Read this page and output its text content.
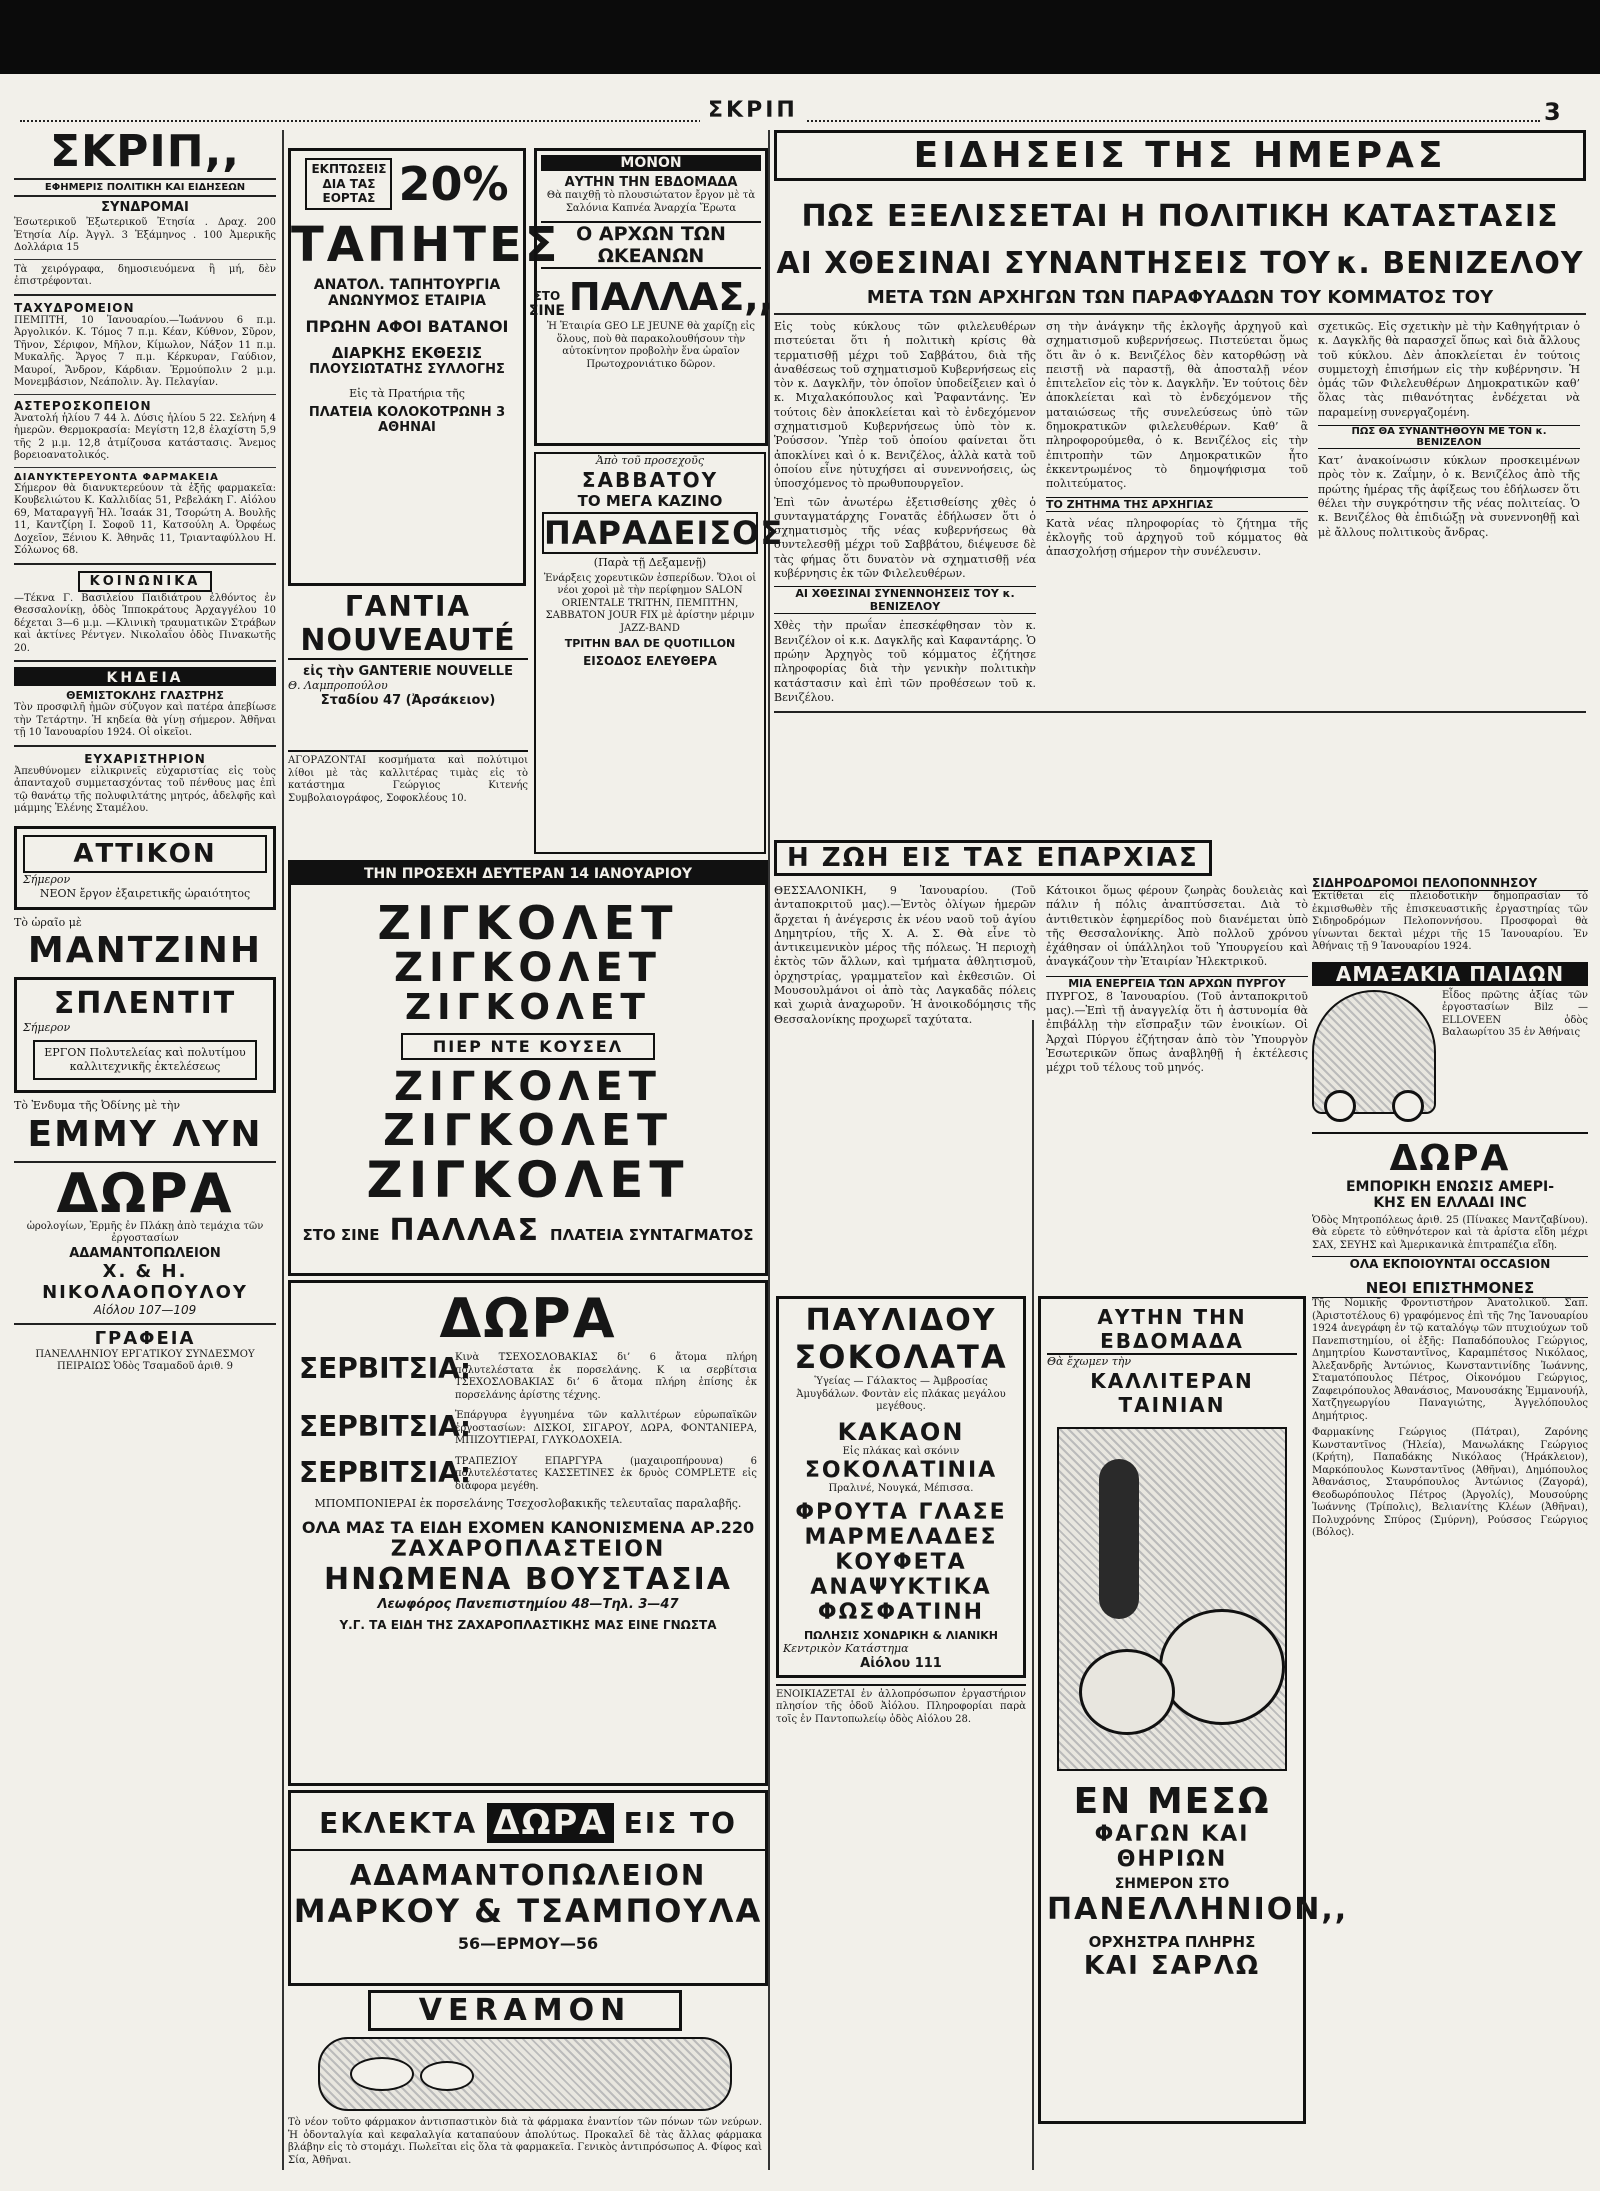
ΣΚΡΙΠ	3
ΣΚΡΙΠ,,
ΕΦΗΜΕΡΙΣ ΠΟΛΙΤΙΚΗ ΚΑΙ ΕΙΔΗΣΕΩΝ
ΣΥΝΔΡΟΜΑΙ
Ἐσωτερικοῦ Ἐξωτερικοῦ Ἐτησία . Δραχ. 200 Ἐτησία Λίρ. Ἀγγλ. 3 Ἑξάμηνος . 100 Ἀμερικῆς Δολλάρια 15
Τὰ χειρόγραφα, δημοσιευόμενα ἢ μή, δὲν ἐπιστρέφονται.
ΤΑΧΥΔΡΟΜΕΙΟΝ
ΠΕΜΠΤΗ, 10 Ἰανουαρίου.—Ἰωάννου 6 π.μ. Ἀργολικόν. Κ. Τόμος 7 π.μ. Κέαν, Κύθνον, Σῦρον, Τῆνον, Σέριφον, Μῆλον, Κίμωλον, Νάξον 11 π.μ. Μυκαλῆς. Ἄργος 7 π.μ. Κέρκυραν, Γαύδιον, Μαυροί, Ἄνδρον, Κάρδιαν. Ἐρμούπολιν 2 μ.μ. Μονεμβάσιον, Νεάπολιν. Ἀγ. Πελαγίαν.
ΑΣΤΕΡΟΣΚΟΠΕΙΟΝ
Ἀνατολή ἡλίου 7 44 λ. Δύσις ἡλίου 5 22. Σελήνη 4 ἡμερῶν. Θερμοκρασία: Μεγίστη 12,8 ἐλαχίστη 5,9 τῆς 2 μ.μ. 12,8 ἀτμίζουσα κατάστασις. Ἄνεμος βορειοανατολικός.
ΔΙΑΝΥΚΤΕΡΕΥΟΝΤΑ ΦΑΡΜΑΚΕΙΑ
Σήμερον θὰ διανυκτερεύουν τὰ ἑξῆς φαρμακεῖα: Κουβελιώτου Κ. Καλλιδίας 51, Ρεβελάκη Γ. Αἰόλου 69, Ματαραγγῆ Ἡλ. Ἰσαάκ 31, Τσορώτη Α. Βουλῆς 11, Καντζίρη Ι. Σοφοῦ 11, Κατσούλη Α. Ὀρφέως Δοχεῖον, Ξένιου Κ. Ἀθηνᾶς 11, Τριανταφύλλου Η. Σόλωνος 68.
ΚΟΙΝΩΝΙΚΑ
—Τέκνα Γ. Βασιλείου Παιδιάτρου ἐλθόντος ἐν Θεσσαλονίκῃ, ὁδὸς Ἱπποκράτους Ἀρχαγγέλου 10 δέχεται 3—6 μ.μ. —Κλινικὴ τραυματικῶν Στράβων καὶ ἀκτίνες Ρέντγεν. Νικολαΐου ὁδὸς Πινακωτῆς 20.
ΚΗΔΕΙΑ
ΘΕΜΙΣΤΟΚΛΗΣ ΓΛΑΣΤΡΗΣ
Τὸν προσφιλῆ ἡμῶν σύζυγον καὶ πατέρα ἀπεβίωσε τὴν Τετάρτην. Ἡ κηδεία θὰ γίνῃ σήμερον. Ἀθῆναι τῇ 10 Ἰανουαρίου 1924. Οἱ οἰκεῖοι.
ΕΥΧΑΡΙΣΤΗΡΙΟΝ
Ἀπευθύνομεν εἰλικρινεῖς εὐχαριστίας εἰς τοὺς ἀπανταχοῦ συμμετασχόντας τοῦ πένθους μας ἐπὶ τῷ θανάτῳ τῆς πολυφιλτάτης μητρός, ἀδελφῆς καὶ μάμμης Ἑλένης Σταμέλου.
ΑΤΤΙΚΟΝ
Σήμερον
ΝΕΟΝ ἔργον ἐξαιρετικῆς ὡραιότητος
Τὸ ὡραῖο μὲ
ΜΑΝΤΖΙΝΗ
ΣΠΛΕΝΤΙΤ
Σήμερον
ΕΡΓΟΝ Πολυτελείας καὶ πολυτίμου καλλιτεχνικῆς ἐκτελέσεως
Τὸ Ἐνδυμα τῆς Ὀδίνης μὲ τὴν
ΕΜΜΥ ΛΥΝ
ΔΩΡΑ
ὡρολογίων, Ἐρμῆς ἐν Πλάκῃ ἀπὸ τεμάχια τῶν ἐργοστασίων
ΑΔΑΜΑΝΤΟΠΩΛΕΙΟΝ
Χ. & Η. ΝΙΚΟΛΑΟΠΟΥΛΟΥ
Αἰόλου 107—109
ΓΡΑΦΕΙΑ
ΠΑΝΕΛΛΗΝΙΟΥ ΕΡΓΑΤΙΚΟΥ ΣΥΝΔΕΣΜΟΥ ΠΕΙΡΑΙΩΣ Ὁδὸς Τσαμαδοῦ ἀριθ. 9
ΕΚΠΤΩΣΕΙΣ
ΔΙΑ ΤΑΣ
ΕΟΡΤΑΣ 20%
ΤΑΠΗΤΕΣ
ΑΝΑΤΟΛ. ΤΑΠΗΤΟΥΡΓΙΑ
ΑΝΩΝΥΜΟΣ ΕΤΑΙΡΙΑ
ΠΡΩΗΝ ΑΦΟΙ ΒΑΤΑΝΟΙ
ΔΙΑΡΚΗΣ ΕΚΘΕΣΙΣ
ΠΛΟΥΣΙΩΤΑΤΗΣ ΣΥΛΛΟΓΗΣ
Εἰς τὰ Πρατήρια τῆς
ΠΛΑΤΕΙΑ ΚΟΛΟΚΟΤΡΩΝΗ 3
ΑΘΗΝΑΙ
ΜΟΝΟΝ
ΑΥΤΗΝ ΤΗΝ ΕΒΔΟΜΑΔΑ
Θὰ παιχθῇ τὸ πλουσιώτατον ἔργον μὲ τὰ Σαλόνια Καπνέα Ἀναρχία Ἔρωτα
Ο ΑΡΧΩΝ ΤΩΝ ΩΚΕΑΝΩΝ
ΣΤΟ
ΣΙΝΕ ΠΑΛΛΑΣ,,
Ἡ Ἑταιρία GEO LE JEUNE θὰ χαρίζῃ εἰς ὅλους, ποὺ θὰ παρακολουθήσουν τὴν αὐτοκίνητον προβολὴν ἕνα ὡραῖον Πρωτοχρονιάτικο δῶρον.
Ἀπὸ τοῦ προσεχοῦς
ΣΑΒΒΑΤΟΥ
ΤΟ ΜΕΓΑ ΚΑΖΙΝΟ
ΠΑΡΑΔΕΙΣΟΣ
(Παρὰ τῇ Δεξαμενῇ)
Ἐνάρξεις χορευτικῶν ἑσπερίδων. Ὅλοι οἱ νέοι χοροὶ μὲ τὴν περίφημον SALON ORIENTALE TRITHN, ΠΕΜΠΤΗΝ, ΣΑΒΒΑΤΟΝ JOUR FIX μὲ ἀρίστην μέριμν JAZZ-BAND
ΤΡΙΤΗΝ ΒΑΛ DE QUOTILLON
ΕΙΣΟΔΟΣ ΕΛΕΥΘΕΡΑ
ΓΑΝΤΙΑ
NOUVEAUTÉ
εἰς τὴν GANTERIE NOUVELLE
Θ. Λαμπροπούλου
Σταδίου 47 (Ἀρσάκειον)
ΑΓΟΡΑΖΟΝΤΑΙ κοσμήματα καὶ πολύτιμοι λίθοι μὲ τὰς καλλιτέρας τιμὰς εἰς τὸ κατάστημα Γεώργιος Κιτενής Συμβολαιογράφος, Σοφοκλέους 10.
ΤΗΝ ΠΡΟΣΕΧΗ ΔΕΥΤΕΡΑΝ 14 ΙΑΝΟΥΑΡΙΟΥ
ΖΙΓΚΟΛΕΤ
ΖΙΓΚΟΛΕΤ
ΖΙΓΚΟΛΕΤ
ΠΙΕΡ ΝΤΕ ΚΟΥΣΕΛ
ΖΙΓΚΟΛΕΤ
ΖΙΓΚΟΛΕΤ
ΖΙΓΚΟΛΕΤ
ΣΤΟ ΣΙΝΕ ΠΑΛΛΑΣ ΠΛΑΤΕΙΑ ΣΥΝΤΑΓΜΑΤΟΣ
ΔΩΡΑ
ΣΕΡΒΙΤΣΙΑ:
Κινὰ ΤΣΕΧΟΣΛΟΒΑΚΙΑΣ δι’ 6 ἄτομα πλήρη πολυτελέστατα ἐκ πορσελάνης. Κ ια σερβίτσια ΤΣΕΧΟΣΛΟΒΑΚΙΑΣ δι’ 6 ἄτομα πλήρη ἐπίσης ἐκ πορσελάνης ἀρίστης τέχνης.
ΣΕΡΒΙΤΣΙΑ:
Ἐπάργυρα ἐγγυημένα τῶν καλλιτέρων εὐρωπαϊκῶν ἐργοστασίων: ΔΙΣΚΟΙ, ΣΙΓΑΡΟΥ, ΔΩΡΑ, ΦΟΝΤΑΝΙΕΡΑ, ΜΠΙΖΟΥΤΙΕΡΑΙ, ΓΛΥΚΟΔΟΧΕΙΑ.
ΣΕΡΒΙΤΣΙΑ:
ΤΡΑΠΕΖΙΟΥ ΕΠΑΡΓΥΡΑ (μαχαιροπήρουνα) 6 πολυτελέστατες ΚΑΣΣΕΤΙΝΕΣ ἐκ δρυὸς COMPLETE εἰς διάφορα μεγέθη.
ΜΠΟΜΠΟΝΙΕΡΑΙ ἐκ πορσελάνης Τσεχοσλοβακικῆς τελευταῖας παραλαβῆς.
ΟΛΑ ΜΑΣ ΤΑ ΕΙΔΗ ΕΧΟΜΕΝ ΚΑΝΟΝΙΣΜΕΝΑ ΑΡ.220
ΖΑΧΑΡΟΠΛΑΣΤΕΙΟΝ
ΗΝΩΜΕΝΑ ΒΟΥΣΤΑΣΙΑ
Λεωφόρος Πανεπιστημίου 48—Τηλ. 3—47
Υ.Γ. ΤΑ ΕΙΔΗ ΤΗΣ ΖΑΧΑΡΟΠΛΑΣΤΙΚΗΣ ΜΑΣ ΕΙΝΕ ΓΝΩΣΤΑ
ΕΚΛΕΚΤΑ ΔΩΡΑ ΕΙΣ ΤΟ
ΑΔΑΜΑΝΤΟΠΩΛΕΙΟΝ
ΜΑΡΚΟΥ & ΤΣΑΜΠΟΥΛΑ
56—ΕΡΜΟΥ—56
VERAMON
Τὸ νέον τοῦτο φάρμακον ἀντισπαστικὸν διὰ τὰ φάρμακα ἐναντίον τῶν πόνων τῶν νεύρων. Ἡ ὀδονταλγία καὶ κεφαλαλγία καταπαύουν ἀπολύτως. Προκαλεῖ δὲ τὰς ἄλλας φάρμακα βλάβην εἰς τὸ στομάχι. Πωλεῖται εἰς ὅλα τὰ φαρμακεῖα. Γενικὸς ἀντιπρόσωπος Α. Φίφος καὶ Σία, Ἀθῆναι.
ΕΙΔΗΣΕΙΣ ΤΗΣ ΗΜΕΡΑΣ
ΠΩΣ ΕΞΕΛΙΣΣΕΤΑΙ Η ΠΟΛΙΤΙΚΗ ΚΑΤΑΣΤΑΣΙΣ
ΑΙ ΧΘΕΣΙΝΑΙ ΣΥΝΑΝΤΗΣΕΙΣ ΤΟΥ κ. ΒΕΝΙΖΕΛΟΥ
ΜΕΤΑ ΤΩΝ ΑΡΧΗΓΩΝ ΤΩΝ ΠΑΡΑΦΥΑΔΩΝ ΤΟΥ ΚΟΜΜΑΤΟΣ ΤΟΥ
Εἰς τοὺς κύκλους τῶν φιλελευθέρων πιστεύεται ὅτι ἡ πολιτικὴ κρίσις θὰ τερματισθῇ μέχρι τοῦ Σαββάτου, διὰ τῆς ἀναθέσεως τοῦ σχηματισμοῦ Κυβερνήσεως εἰς τὸν κ. Δαγκλῆν, τὸν ὁποῖον ὑποδείξειεν καὶ ὁ κ. Μιχαλακόπουλος καὶ Ῥαφαντάνης. Ἐν τούτοις δὲν ἀποκλείεται καὶ τὸ ἐνδεχόμενον σχηματισμοῦ Κυβερνήσεως ὑπὸ τὸν κ. Ῥούσσον. Ὑπὲρ τοῦ ὁποίου φαίνεται ὅτι ἀποκλίνει καὶ ὁ κ. Βενιζέλος, ἀλλὰ κατὰ τοῦ ὁποίου εἶνε ηὐτυχήσει αἱ συνεννοήσεις, ὡς ὑποσχόμενος τὸ πρωθυπουργεῖον.
Ἐπὶ τῶν ἀνωτέρω ἐξετισθείσης χθὲς ὁ συνταγματάρχης Γονατᾶς ἐδήλωσεν ὅτι ὁ σχηματισμὸς τῆς νέας κυβερνήσεως θὰ συντελεσθῇ μέχρι τοῦ Σαββάτου, διέψευσε δὲ τὰς φήμας ὅτι δυνατὸν νὰ σχηματισθῇ νέα κυβέρνησις ἐκ τῶν Φιλελευθέρων.
ΑΙ ΧΘΕΣΙΝΑΙ ΣΥΝΕΝΝΟΗΣΕΙΣ ΤΟΥ κ. ΒΕΝΙΖΕΛΟΥ
Χθὲς τὴν πρωΐαν ἐπεσκέφθησαν τὸν κ. Βενιζέλον οἱ κ.κ. Δαγκλῆς καὶ Καφαντάρης. Ὁ πρώην Ἀρχηγὸς τοῦ κόμματος ἐζήτησε πληροφορίας διὰ τὴν γενικὴν πολιτικὴν κατάστασιν καὶ ἐπὶ τῶν προθέσεων τοῦ κ. Βενιζέλου.
ση τὴν ἀνάγκην τῆς ἐκλογῆς ἀρχηγοῦ καὶ σχηματισμοῦ κυβερνήσεως. Πιστεύεται ὅμως ὅτι ἂν ὁ κ. Βενιζέλος δὲν κατορθώσῃ νὰ πειστῇ νὰ παραστῇ, θὰ ἀποσταλῇ νέον ἐπιτελεῖον εἰς τὸν κ. Δαγκλῆν. Ἐν τούτοις δὲν ἀποκλείεται καὶ τὸ ἐνδεχόμενον τῆς ματαιώσεως τῆς συνελεύσεως ὑπὸ τῶν δημοκρατικῶν φιλελευθέρων. Καθ’ ἃ πληροφορούμεθα, ὁ κ. Βενιζέλος εἰς τὴν ἐπιτροπὴν τῶν Δημοκρατικῶν ἦτο ἐκκεντρωμένος τὸ δημοψήφισμα τοῦ πολιτεύματος.
ΤΟ ΖΗΤΗΜΑ ΤΗΣ ΑΡΧΗΓΙΑΣ
Κατὰ νέας πληροφορίας τὸ ζήτημα τῆς ἐκλογῆς τοῦ ἀρχηγοῦ τοῦ κόμματος θὰ ἀπασχολήσῃ σήμερον τὴν συνέλευσιν.
σχετικῶς. Εἰς σχετικὴν μὲ τὴν Καθηγήτριαν ὁ κ. Δαγκλῆς θὰ παρασχεῖ ὅπως καὶ διὰ ἄλλους τοῦ κύκλου. Δὲν ἀποκλείεται ἐν τούτοις συμμετοχὴ ἐπισήμων εἰς τὴν κυβέρνησιν. Ἡ ὁμάς τῶν Φιλελευθέρων Δημοκρατικῶν καθ’ ὅλας τὰς πιθανότητας ἐνδέχεται νὰ παραμείνῃ συνεργαζομένη.
ΠΩΣ ΘΑ ΣΥΝΑΝΤΗΘΟΥΝ ΜΕ ΤΟΝ κ. ΒΕΝΙΖΕΛΟΝ
Κατ’ ἀνακοίνωσιν κύκλων προσκειμένων πρὸς τὸν κ. Ζαΐμην, ὁ κ. Βενιζέλος ἀπὸ τῆς πρώτης ἡμέρας τῆς ἀφίξεως του ἐδήλωσεν ὅτι θέλει τὴν συγκρότησιν τῆς νέας πολιτείας. Ὁ κ. Βενιζέλος θὰ ἐπιδιώξῃ νὰ συνεννοηθῇ καὶ μὲ ἄλλους πολιτικοὺς ἄνδρας.
Η ΖΩΗ ΕΙΣ ΤΑΣ ΕΠΑΡΧΙΑΣ
ΘΕΣΣΑΛΟΝΙΚΗ, 9 Ἰανουαρίου. (Τοῦ ἀνταποκριτοῦ μας).—Ἐντὸς ὀλίγων ἡμερῶν ἄρχεται ἡ ἀνέγερσις ἐκ νέου ναοῦ τοῦ ἁγίου Δημητρίου, τῆς Χ. Α. Σ. Θὰ εἶνε τὸ ἀντικειμενικὸν μέρος τῆς πόλεως. Ἡ περιοχὴ ἐκτὸς τῶν ἄλλων, καὶ τμήματα ἀθλητισμοῦ, ὀρχηστρίας, γραμματεῖον καὶ ἐκθεσιῶν. Οἱ Μουσουλμάνοι οἱ ἀπὸ τὰς Λαγκαδᾶς πόλεις καὶ χωριὰ ἀναχωροῦν. Ἡ ἀνοικοδόμησις τῆς Θεσσαλονίκης προχωρεῖ ταχύτατα.
Κάτοικοι ὅμως φέρουν ζωηρὰς δουλειὰς καὶ πάλιν ἡ πόλις ἀναπτύσσεται. Διὰ τὸ ἀντιθετικὸν ἐφημερίδος ποὺ διανέμεται ὑπὸ τῆς Θεσσαλονίκης. Ἀπὸ πολλοῦ χρόνου ἐχάθησαν οἱ ὑπάλληλοι τοῦ Ὑπουργείου καὶ ἀναγκάζουν τὴν Ἑταιρίαν Ἠλεκτρικοῦ.
ΜΙΑ ΕΝΕΡΓΕΙΑ ΤΩΝ ΑΡΧΩΝ ΠΥΡΓΟΥ
ΠΥΡΓΟΣ, 8 Ἰανουαρίου. (Τοῦ ἀνταποκριτοῦ μας).—Ἐπὶ τῇ ἀναγγελίᾳ ὅτι ἡ ἀστυνομία θὰ ἐπιβάλλῃ τὴν εἴσπραξιν τῶν ἐνοικίων. Οἱ Ἀρχαὶ Πύργου ἐζήτησαν ἀπὸ τὸν Ὑπουργὸν Ἐσωτερικῶν ὅπως ἀναβληθῇ ἡ ἐκτέλεσις μέχρι τοῦ τέλους τοῦ μηνός.
ΣΙΔΗΡΟΔΡΟΜΟΙ ΠΕΛΟΠΟΝΝΗΣΟΥ
Ἐκτίθεται εἰς πλειοδοτικὴν δημοπρασίαν τὸ ἐκμισθωθὲν τῆς ἐπισκευαστικῆς ἐργαστηρίας τῶν Σιδηροδρόμων Πελοποννήσου. Προσφοραὶ θὰ γίνωνται δεκταὶ μέχρι τῆς 15 Ἰανουαρίου. Ἐν Ἀθήναις τῇ 9 Ἰανουαρίου 1924.
ΑΜΑΞΑΚΙΑ ΠΑΙΔΩΝ
Εἶδος πρῶτης ἀξίας τῶν ἐργοστασίων Bilz — ELLOVEEN ὁδὸς Βαλαωρίτου 35 ἐν Ἀθήναις
ΔΩΡΑ
ΕΜΠΟΡΙΚΗ ΕΝΩΣΙΣ ΑΜΕΡΙ-
ΚΗΣ ΕΝ ΕΛΛΑΔΙ INC
Ὁδὸς Μητροπόλεως ἀριθ. 25 (Πίνακες Μαντζαβίνου). Θὰ εὑρετε τὸ εὐθηνότερον καὶ τὰ ἀρίστα εἴδη μέχρι ΣΑΧ, ΣΕΥΗΣ καὶ Ἀμερικανικὰ ἐπιτραπέζια εἴδη.
ΟΛΑ ΕΚΠΟΙΟΥΝΤΑΙ OCCASION
ΝΕΟΙ ΕΠΙΣΤΗΜΟΝΕΣ
Τῆς Νομικῆς Φροντιστήρον Ἀνατολικοῦ. Σαπ. (Ἀριστοτέλους 6) γραφόμενος ἐπὶ τῆς 7ης Ἰανουαρίου 1924 ἀνεγράφη ἐν τῷ καταλόγῳ τῶν πτυχιούχων τοῦ Πανεπιστημίου, οἱ ἑξῆς: Παπαδόπουλος Γεώργιος, Δημητρίου Κωνσταντῖνος, Καραμπέτσος Νικόλαος, Ἀλεξανδρῆς Ἀντώνιος, Κωνσταντινίδης Ἰωάννης, Σταματόπουλος Πέτρος, Οἰκονόμου Γεώργιος, Ζαφειρόπουλος Ἀθανάσιος, Μανουσάκης Ἐμμανουήλ, Χατζηγεωργίου Παναγιώτης, Ἀγγελόπουλος Δημήτριος.
Φαρμακίνης Γεώργιος (Πάτραι), Ζαρόνης Κωνσταντῖνος (Ἠλεία), Μανωλάκης Γεώργιος (Κρήτη), Παπαδάκης Νικόλαος (Ἡράκλειον), Μαρκόπουλος Κωνσταντῖνος (Ἀθῆναι), Δημόπουλος Ἀθανάσιος, Σταυρόπουλος Ἀντώνιος (Ζαγορά), Θεοδωρόπουλος Πέτρος (Ἀργολίς), Μουσούρης Ἰωάννης (Τρίπολις), Βελιανίτης Κλέων (Ἀθῆναι), Πολυχρόνης Σπύρος (Σμύρνη), Ρούσσος Γεώργιος (Βόλος).
ΠΑΥΛΙΔΟΥ
ΣΟΚΟΛΑΤΑ
Ὑγείας — Γάλακτος — Ἀμβροσίας Ἀμυγδάλων. Φοντὰν εἰς πλάκας μεγάλου μεγέθους.
ΚΑΚΑΟΝ
Εἰς πλάκας καὶ σκόνιν
ΣΟΚΟΛΑΤΙΝΙΑ
Πραλινέ, Νουγκά, Μέπισσα.
ΦΡΟΥΤΑ ΓΛΑΣΕ
ΜΑΡΜΕΛΑΔΕΣ
ΚΟΥΦΕΤΑ
ΑΝΑΨΥΚΤΙΚΑ
ΦΩΣΦΑΤΙΝΗ
ΠΩΛΗΣΙΣ ΧΟΝΔΡΙΚΗ & ΛΙΑΝΙΚΗ
Κεντρικὸν Κατάστημα
Αἰόλου 111
ΕΝΟΙΚΙΑΖΕΤΑΙ ἐν ἀλλοπρόσωπον ἐργαστήριον πλησίον τῆς ὁδοῦ Ἀἰόλου. Πληροφορίαι παρὰ τοῖς ἐν Παντοπωλείῳ ὁδὸς Αἰόλου 28.
ΑΥΤΗΝ ΤΗΝ ΕΒΔΟΜΑΔΑ
Θὰ ἔχωμεν τὴν
ΚΑΛΛΙΤΕΡΑΝ ΤΑΙΝΙΑΝ
ΕΝ ΜΕΣΩ
ΦΑΓΩΝ ΚΑΙ ΘΗΡΙΩΝ
ΣΗΜΕΡΟΝ ΣΤΟ
ΠΑΝΕΛΛΗΝΙΟΝ,,
ΟΡΧΗΣΤΡΑ ΠΛΗΡΗΣ
ΚΑΙ ΣΑΡΛΩ
